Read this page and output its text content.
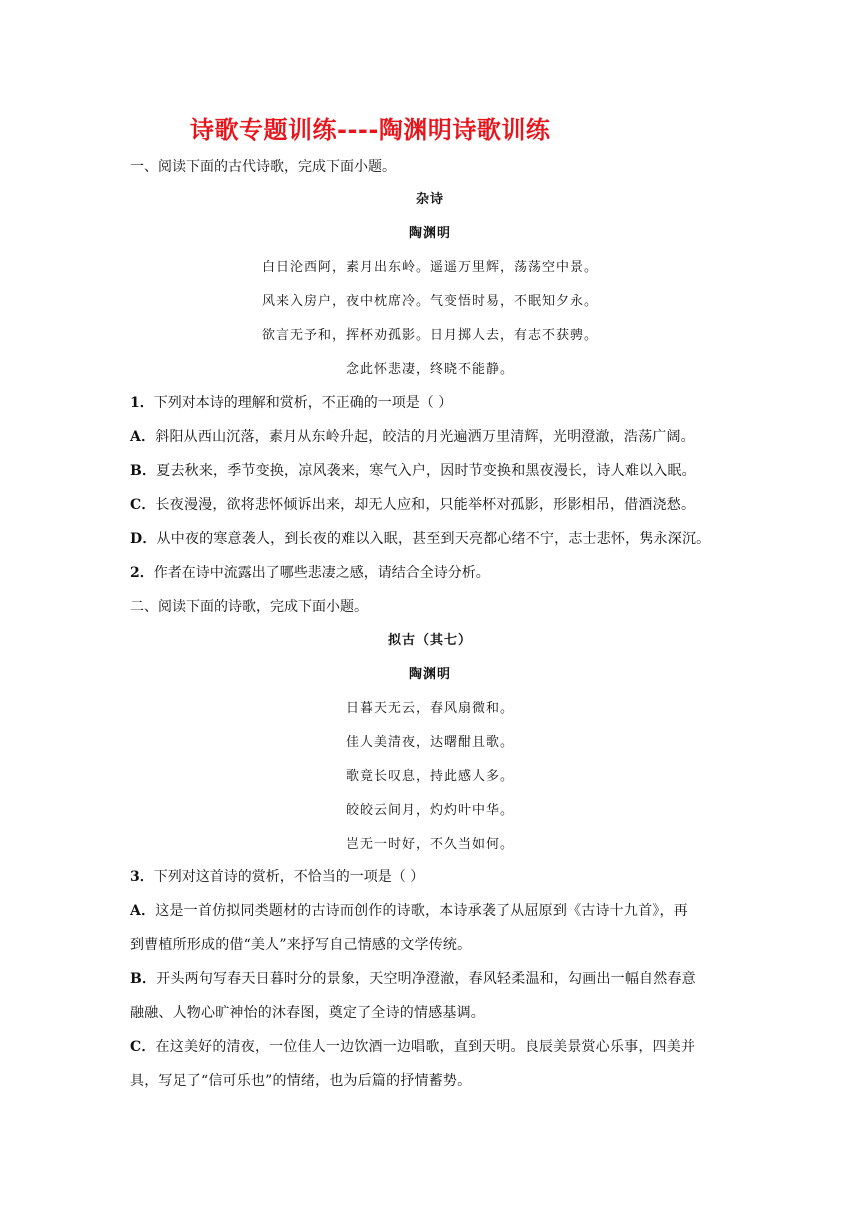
诗歌专题训练----陶渊明诗歌训练
一、阅读下面的古代诗歌，完成下面小题。
杂诗
陶渊明
白日沦西阿，素月出东岭。遥遥万里辉，荡荡空中景。
风来入房户，夜中枕席冷。气变悟时易，不眠知夕永。
欲言无予和，挥杯劝孤影。日月掷人去，有志不获骋。
念此怀悲凄，终晓不能静。
1．下列对本诗的理解和赏析，不正确的一项是（ ）
A．斜阳从西山沉落，素月从东岭升起，皎洁的月光遍洒万里清辉，光明澄澈，浩荡广阔。
B．夏去秋来，季节变换，凉风袭来，寒气入户，因时节变换和黑夜漫长，诗人难以入眠。
C．长夜漫漫，欲将悲怀倾诉出来，却无人应和，只能举杯对孤影，形影相吊，借酒浇愁。
D．从中夜的寒意袭人，到长夜的难以入眠，甚至到天亮都心绪不宁，志士悲怀，隽永深沉。
2．作者在诗中流露出了哪些悲凄之感，请结合全诗分析。
二、阅读下面的诗歌，完成下面小题。
拟古（其七）
陶渊明
日暮天无云，春风扇微和。
佳人美清夜，达曙酣且歌。
歌竟长叹息，持此感人多。
皎皎云间月，灼灼叶中华。
岂无一时好，不久当如何。
3．下列对这首诗的赏析，不恰当的一项是（ ）
A．这是一首仿拟同类题材的古诗而创作的诗歌，本诗承袭了从屈原到《古诗十九首》，再
到曹植所形成的借“美人”来抒写自己情感的文学传统。
B．开头两句写春天日暮时分的景象，天空明净澄澈，春风轻柔温和，勾画出一幅自然春意
融融、人物心旷神怡的沐春图，奠定了全诗的情感基调。
C．在这美好的清夜，一位佳人一边饮酒一边唱歌，直到天明。良辰美景赏心乐事，四美并
具，写足了“信可乐也”的情绪，也为后篇的抒情蓄势。
